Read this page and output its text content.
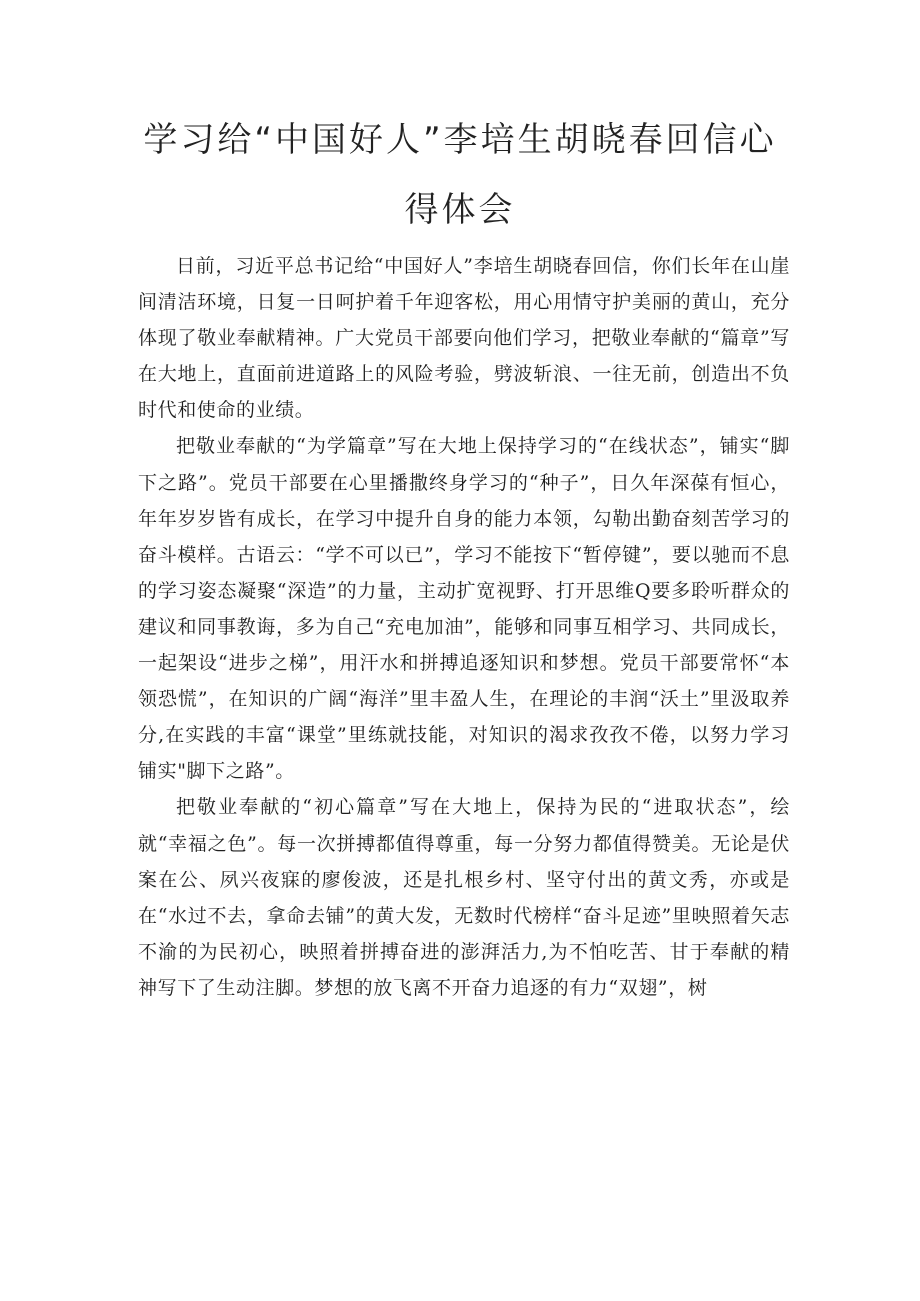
学习给“中国好人”李培生胡晓春回信心
得体会

日前，习近平总书记给“中国好人”李培生胡晓春回信，你们长年在山崖间清洁环境，日复一日呵护着千年迎客松，用心用情守护美丽的黄山，充分体现了敬业奉献精神。广大党员干部要向他们学习，把敬业奉献的“篇章”写在大地上，直面前进道路上的风险考验，劈波斩浪、一往无前，创造出不负时代和使命的业绩。

把敬业奉献的“为学篇章”写在大地上保持学习的“在线状态”，铺实“脚下之路”。党员干部要在心里播撒终身学习的“种子”，日久年深葆有恒心，年年岁岁皆有成长，在学习中提升自身的能力本领，勾勒出勤奋刻苦学习的奋斗模样。古语云：“学不可以已”，学习不能按下“暂停键”，要以驰而不息的学习姿态凝聚“深造”的力量，主动扩宽视野、打开思维Q要多聆听群众的建议和同事教诲，多为自己“充电加油”，能够和同事互相学习、共同成长，一起架设“进步之梯”，用汗水和拼搏追逐知识和梦想。党员干部要常怀“本领恐慌”，在知识的广阔“海洋”里丰盈人生，在理论的丰润“沃土”里汲取养分,在实践的丰富“课堂”里练就技能，对知识的渴求孜孜不倦，以努力学习铺实"脚下之路”。

把敬业奉献的“初心篇章”写在大地上，保持为民的“进取状态”，绘就“幸福之色”。每一次拼搏都值得尊重，每一分努力都值得赞美。无论是伏案在公、夙兴夜寐的廖俊波，还是扎根乡村、坚守付出的黄文秀，亦或是在“水过不去，拿命去铺”的黄大发，无数时代榜样“奋斗足迹”里映照着矢志不渝的为民初心，映照着拼搏奋进的澎湃活力,为不怕吃苦、甘于奉献的精神写下了生动注脚。梦想的放飞离不开奋力追逐的有力“双翅”，树
